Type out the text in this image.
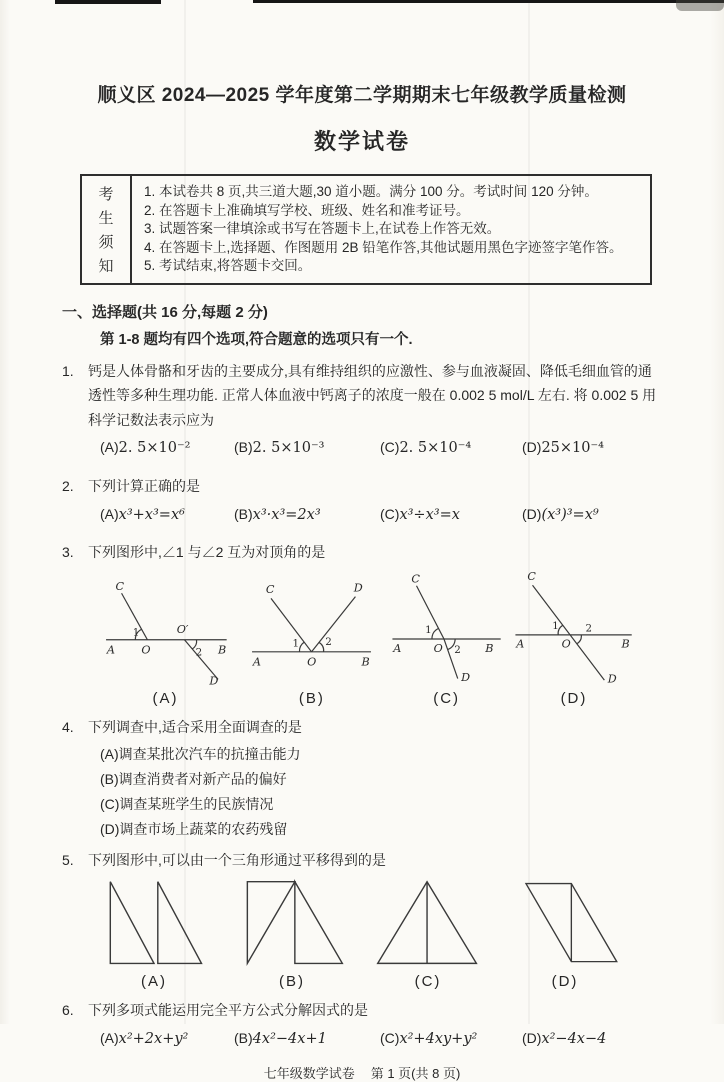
顺义区 2024—2025 学年度第二学期期末七年级教学质量检测
数学试卷
考
生
须
知
1. 本试卷共 8 页,共三道大题,30 道小题。满分 100 分。考试时间 120 分钟。
2. 在答题卡上准确填写学校、班级、姓名和准考证号。
3. 试题答案一律填涂或书写在答题卡上,在试卷上作答无效。
4. 在答题卡上,选择题、作图题用 2B 铅笔作答,其他试题用黑色字迹签字笔作答。
5. 考试结束,将答题卡交回。
一、选择题(共 16 分,每题 2 分)
第 1-8 题均有四个选项,符合题意的选项只有一个.
1.	钙是人体骨骼和牙齿的主要成分,具有维持组织的应激性、参与血液凝固、降低毛细血管的通透性等多种生理功能. 正常人体血液中钙离子的浓度一般在 0.002 5 mol/L 左右. 将 0.002 5 用科学记数法表示应为
(A)2. 5×10⁻²	(B)2. 5×10⁻³	(C)2. 5×10⁻⁴	(D)25×10⁻⁴
2.	下列计算正确的是
(A)x³+x³=x⁶	(B)x³·x³=2x³	(C)x³÷x³=x	(D)(x³)³=x⁹
3.	下列图形中,∠1 与∠2 互为对顶角的是
C
A O
O′
B
D
1
2
(A)
C	D
A	O	B
1 2
(B)
C
A O	B
D
1
2
(C)
C
A	O	B
D
1 2
(D)
4.	下列调查中,适合采用全面调查的是
(A)调查某批次汽车的抗撞击能力
(B)调查消费者对新产品的偏好
(C)调查某班学生的民族情况
(D)调查市场上蔬菜的农药残留
5.	下列图形中,可以由一个三角形通过平移得到的是
(A)	(B)	(C)	(D)
6.	下列多项式能运用完全平方公式分解因式的是
(A)x²+2x+y²	(B)4x²−4x+1	(C)x²+4xy+y²	(D)x²−4x−4
七年级数学试卷 第 1 页(共 8 页)
